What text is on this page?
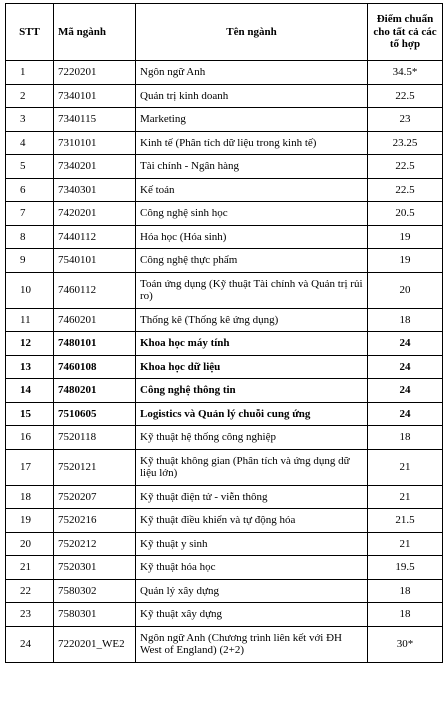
STT	Mã ngành	Tên ngành	Điểm chuẩn cho tất cả các tổ hợp
1	7220201	Ngôn ngữ Anh	34.5*
2	7340101	Quản trị kinh doanh	22.5
3	7340115	Marketing	23
4	7310101	Kinh tế (Phân tích dữ liệu trong kinh tế)	23.25
5	7340201	Tài chính - Ngân hàng	22.5
6	7340301	Kế toán	22.5
7	7420201	Công nghệ sinh học	20.5
8	7440112	Hóa học (Hóa sinh)	19
9	7540101	Công nghệ thực phẩm	19
10	7460112	Toán ứng dụng (Kỹ thuật Tài chính và Quản trị rủi ro)	20
11	7460201	Thống kê (Thống kê ứng dụng)	18
12	7480101	Khoa học máy tính	24
13	7460108	Khoa học dữ liệu	24
14	7480201	Công nghệ thông tin	24
15	7510605	Logistics và Quản lý chuỗi cung ứng	24
16	7520118	Kỹ thuật hệ thống công nghiệp	18
17	7520121	Kỹ thuật không gian (Phân tích và ứng dụng dữ liệu lớn)	21
18	7520207	Kỹ thuật điện tử - viễn thông	21
19	7520216	Kỹ thuật điều khiển và tự động hóa	21.5
20	7520212	Kỹ thuật y sinh	21
21	7520301	Kỹ thuật hóa học	19.5
22	7580302	Quản lý xây dựng	18
23	7580301	Kỹ thuật xây dựng	18
24	7220201_WE2	Ngôn ngữ Anh (Chương trình liên kết với ĐH West of England) (2+2)	30*
